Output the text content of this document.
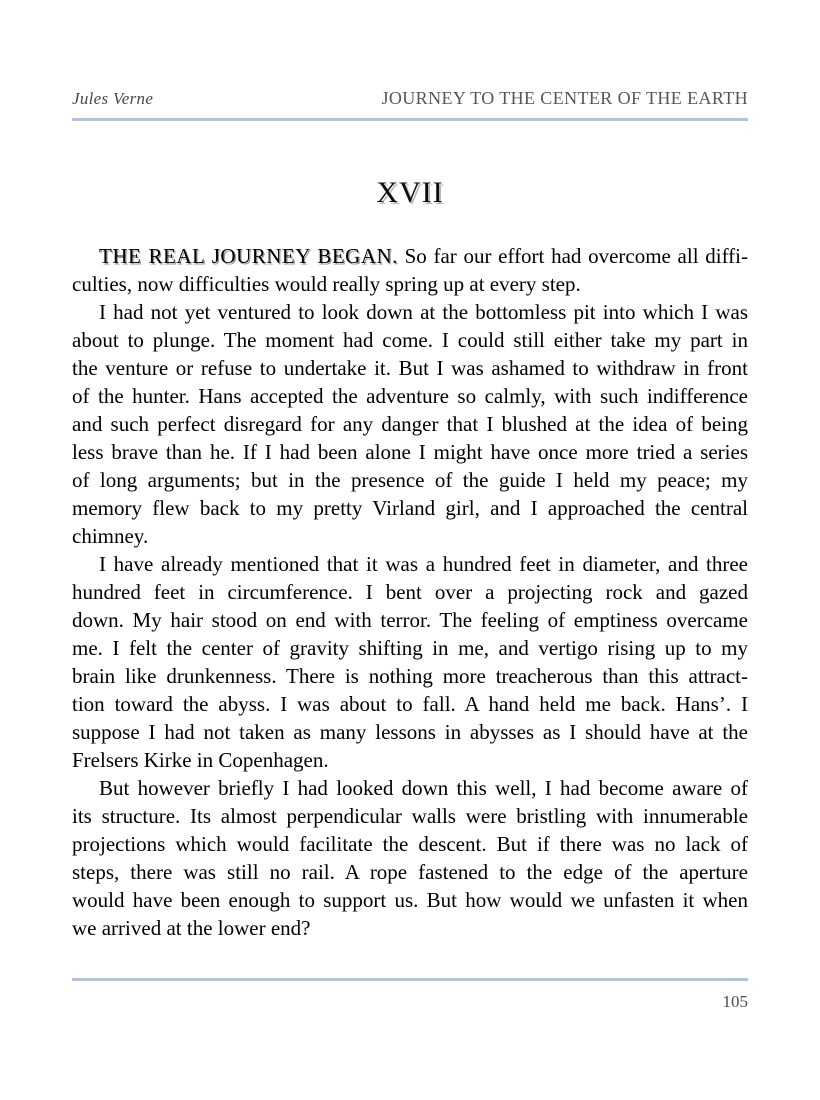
Jules Verne	JOURNEY TO THE CENTER OF THE EARTH
XVII
THE REAL JOURNEY BEGAN. So far our effort had overcome all diffi-
culties, now difficulties would really spring up at every step.
I had not yet ventured to look down at the bottomless pit into which I was
about to plunge. The moment had come. I could still either take my part in
the venture or refuse to undertake it. But I was ashamed to withdraw in front
of the hunter. Hans accepted the adventure so calmly, with such indifference
and such perfect disregard for any danger that I blushed at the idea of being
less brave than he. If I had been alone I might have once more tried a series
of long arguments; but in the presence of the guide I held my peace; my
memory flew back to my pretty Virland girl, and I approached the central
chimney.
I have already mentioned that it was a hundred feet in diameter, and three
hundred feet in circumference. I bent over a projecting rock and gazed
down. My hair stood on end with terror. The feeling of emptiness overcame
me. I felt the center of gravity shifting in me, and vertigo rising up to my
brain like drunkenness. There is nothing more treacherous than this attract-
tion toward the abyss. I was about to fall. A hand held me back. Hans’. I
suppose I had not taken as many lessons in abysses as I should have at the
Frelsers Kirke in Copenhagen.
But however briefly I had looked down this well, I had become aware of
its structure. Its almost perpendicular walls were bristling with innumerable
projections which would facilitate the descent. But if there was no lack of
steps, there was still no rail. A rope fastened to the edge of the aperture
would have been enough to support us. But how would we unfasten it when
we arrived at the lower end?
105
